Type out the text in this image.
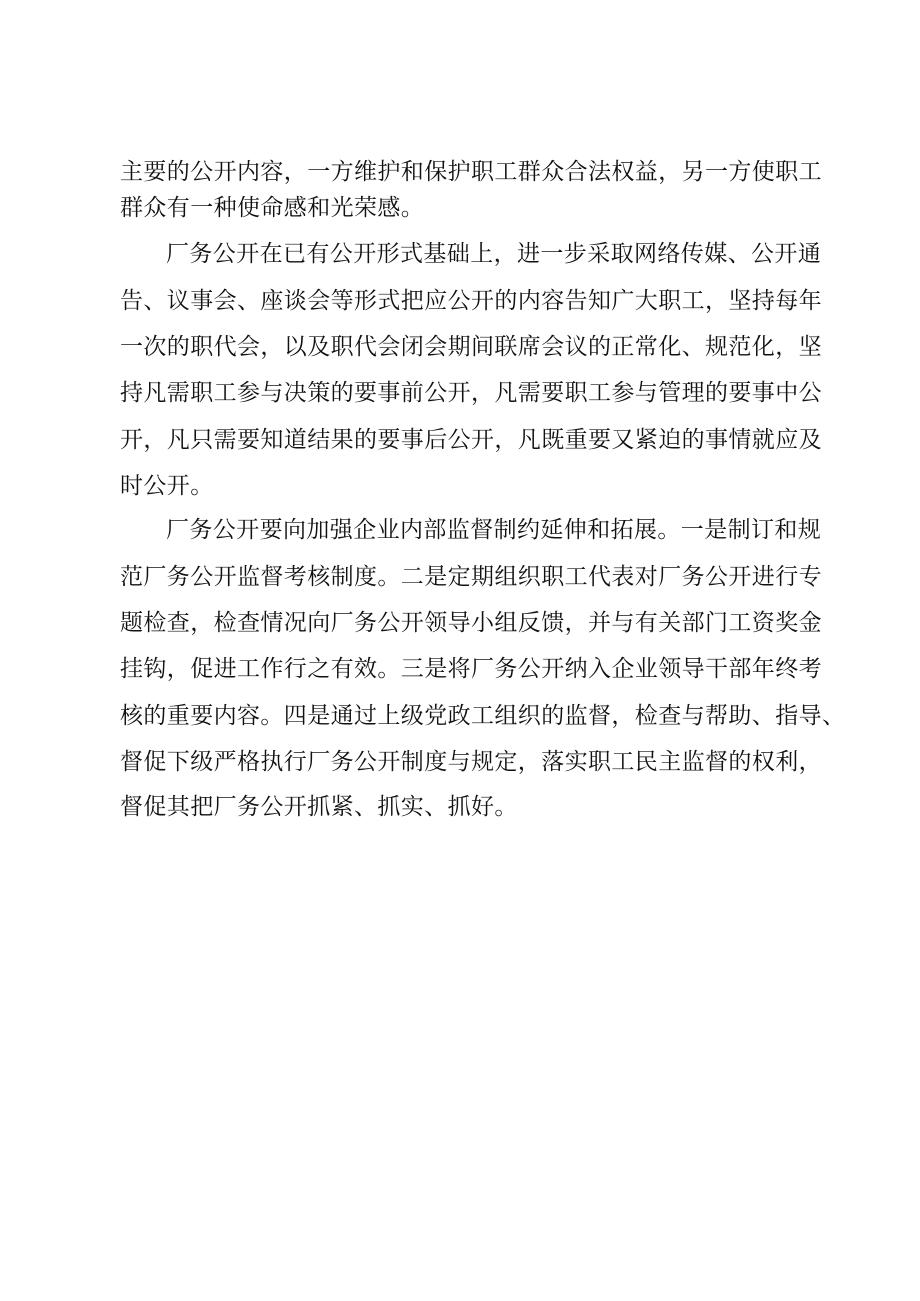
主要的公开内容，一方维护和保护职工群众合法权益，另一方使职工
群众有一种使命感和光荣感。
厂务公开在已有公开形式基础上，进一步采取网络传媒、公开通
告、议事会、座谈会等形式把应公开的内容告知广大职工，坚持每年
一次的职代会，以及职代会闭会期间联席会议的正常化、规范化，坚
持凡需职工参与决策的要事前公开，凡需要职工参与管理的要事中公
开，凡只需要知道结果的要事后公开，凡既重要又紧迫的事情就应及
时公开。
厂务公开要向加强企业内部监督制约延伸和拓展。一是制订和规
范厂务公开监督考核制度。二是定期组织职工代表对厂务公开进行专
题检查，检查情况向厂务公开领导小组反馈，并与有关部门工资奖金
挂钩，促进工作行之有效。三是将厂务公开纳入企业领导干部年终考
核的重要内容。四是通过上级党政工组织的监督，检查与帮助、指导、
督促下级严格执行厂务公开制度与规定，落实职工民主监督的权利，
督促其把厂务公开抓紧、抓实、抓好。
